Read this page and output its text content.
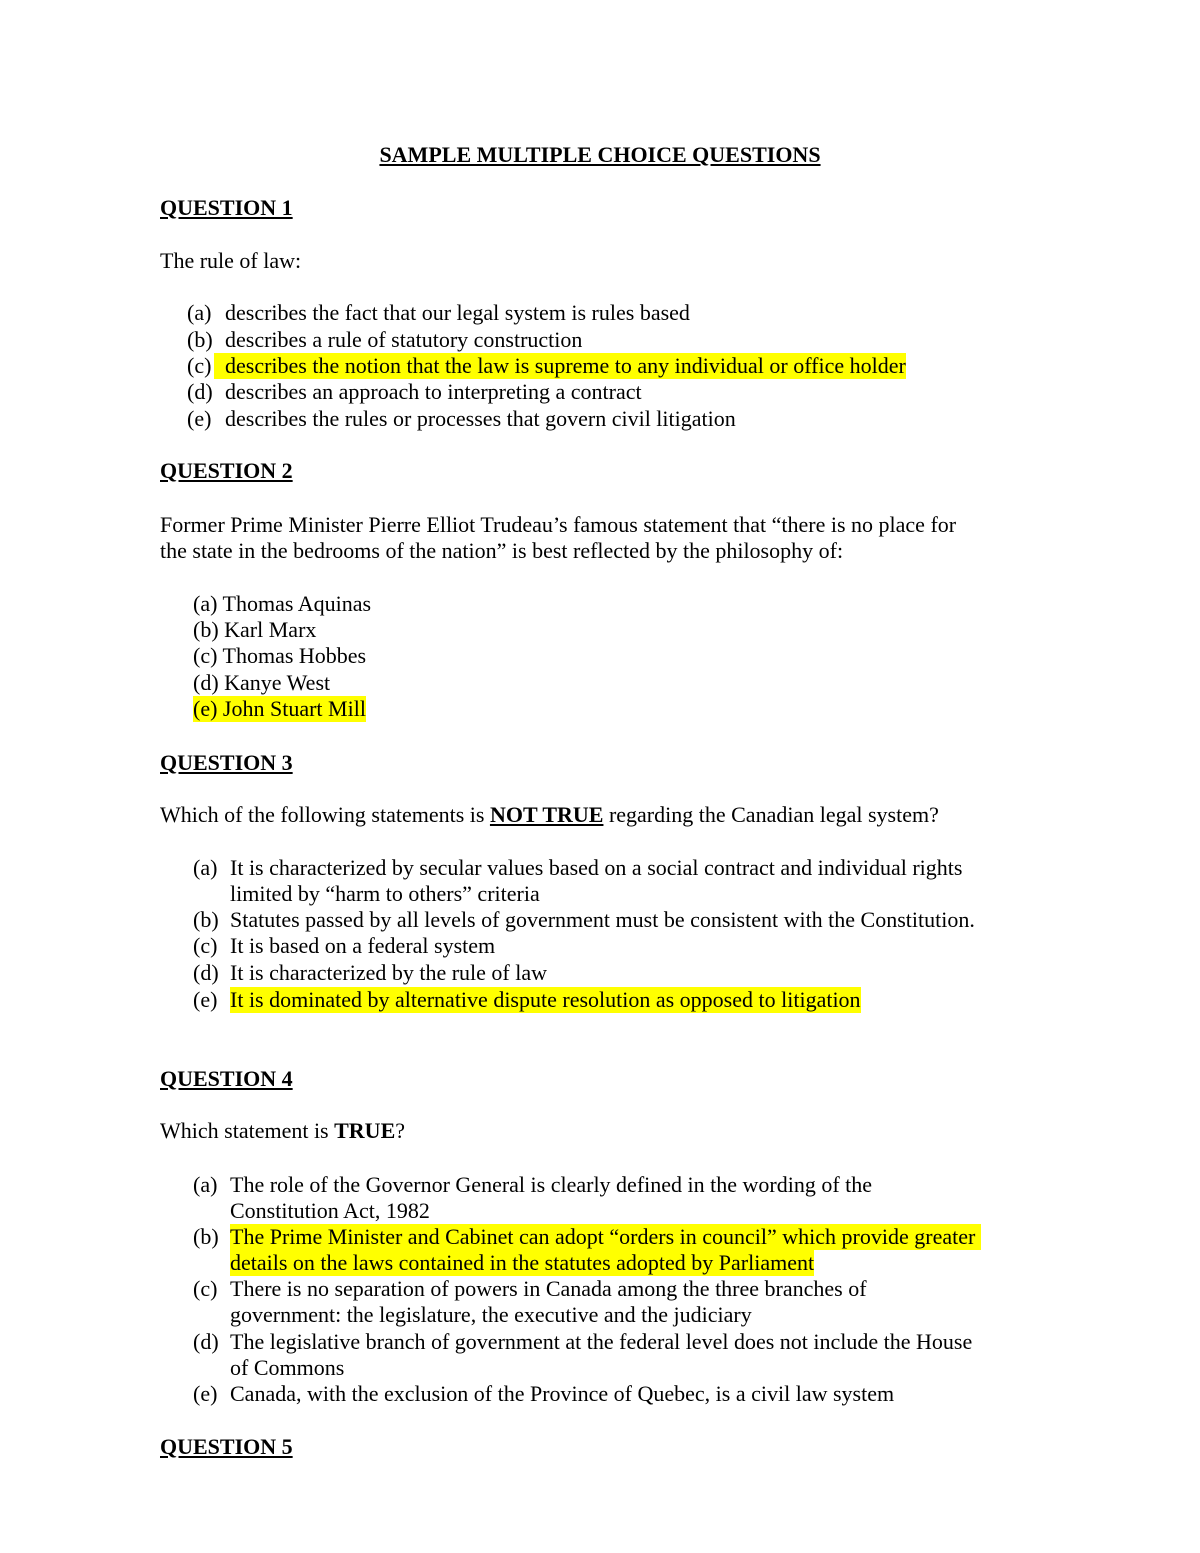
SAMPLE MULTIPLE CHOICE QUESTIONS
QUESTION 1
The rule of law:
(a) describes the fact that our legal system is rules based
(b) describes a rule of statutory construction
(c) describes the notion that the law is supreme to any individual or office holder
(d) describes an approach to interpreting a contract
(e) describes the rules or processes that govern civil litigation
QUESTION 2
Former Prime Minister Pierre Elliot Trudeau’s famous statement that “there is no place for
the state in the bedrooms of the nation” is best reflected by the philosophy of:
(a) Thomas Aquinas
(b) Karl Marx
(c) Thomas Hobbes
(d) Kanye West
(e) John Stuart Mill
QUESTION 3
Which of the following statements is NOT TRUE regarding the Canadian legal system?
(a) It is characterized by secular values based on a social contract and individual rights
limited by “harm to others” criteria
(b) Statutes passed by all levels of government must be consistent with the Constitution.
(c) It is based on a federal system
(d) It is characterized by the rule of law
(e) It is dominated by alternative dispute resolution as opposed to litigation
QUESTION 4
Which statement is TRUE?
(a) The role of the Governor General is clearly defined in the wording of the
Constitution Act, 1982
(b) The Prime Minister and Cabinet can adopt “orders in council” which provide greater
details on the laws contained in the statutes adopted by Parliament
(c) There is no separation of powers in Canada among the three branches of
government: the legislature, the executive and the judiciary
(d) The legislative branch of government at the federal level does not include the House
of Commons
(e) Canada, with the exclusion of the Province of Quebec, is a civil law system
QUESTION 5
